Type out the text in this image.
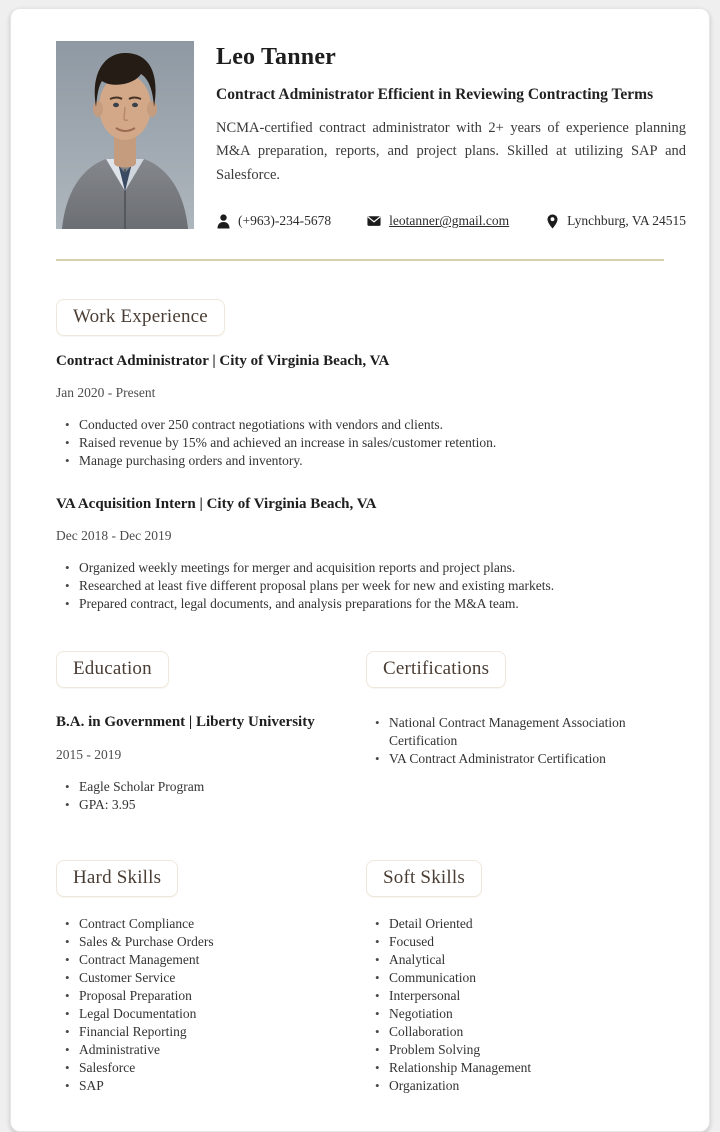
Leo Tanner
Contract Administrator Efficient in Reviewing Contracting Terms

NCMA-certified contract administrator with 2+ years of experience planning M&A preparation, reports, and project plans. Skilled at utilizing SAP and Salesforce.

(+963)-234-5678	leotanner@gmail.com	Lynchburg, VA 24515
Work Experience
Contract Administrator | City of Virginia Beach, VA
Jan 2020 - Present
• Conducted over 250 contract negotiations with vendors and clients.
• Raised revenue by 15% and achieved an increase in sales/customer retention.
• Manage purchasing orders and inventory.
VA Acquisition Intern | City of Virginia Beach, VA
Dec 2018 - Dec 2019
• Organized weekly meetings for merger and acquisition reports and project plans.
• Researched at least five different proposal plans per week for new and existing markets.
• Prepared contract, legal documents, and analysis preparations for the M&A team.
Education
B.A. in Government | Liberty University
2015 - 2019
• Eagle Scholar Program
• GPA: 3.95
Certifications
• National Contract Management Association Certification
• VA Contract Administrator Certification
Hard Skills
• Contract Compliance
• Sales & Purchase Orders
• Contract Management
• Customer Service
• Proposal Preparation
• Legal Documentation
• Financial Reporting
• Administrative
• Salesforce
• SAP
Soft Skills
• Detail Oriented
• Focused
• Analytical
• Communication
• Interpersonal
• Negotiation
• Collaboration
• Problem Solving
• Relationship Management
• Organization
